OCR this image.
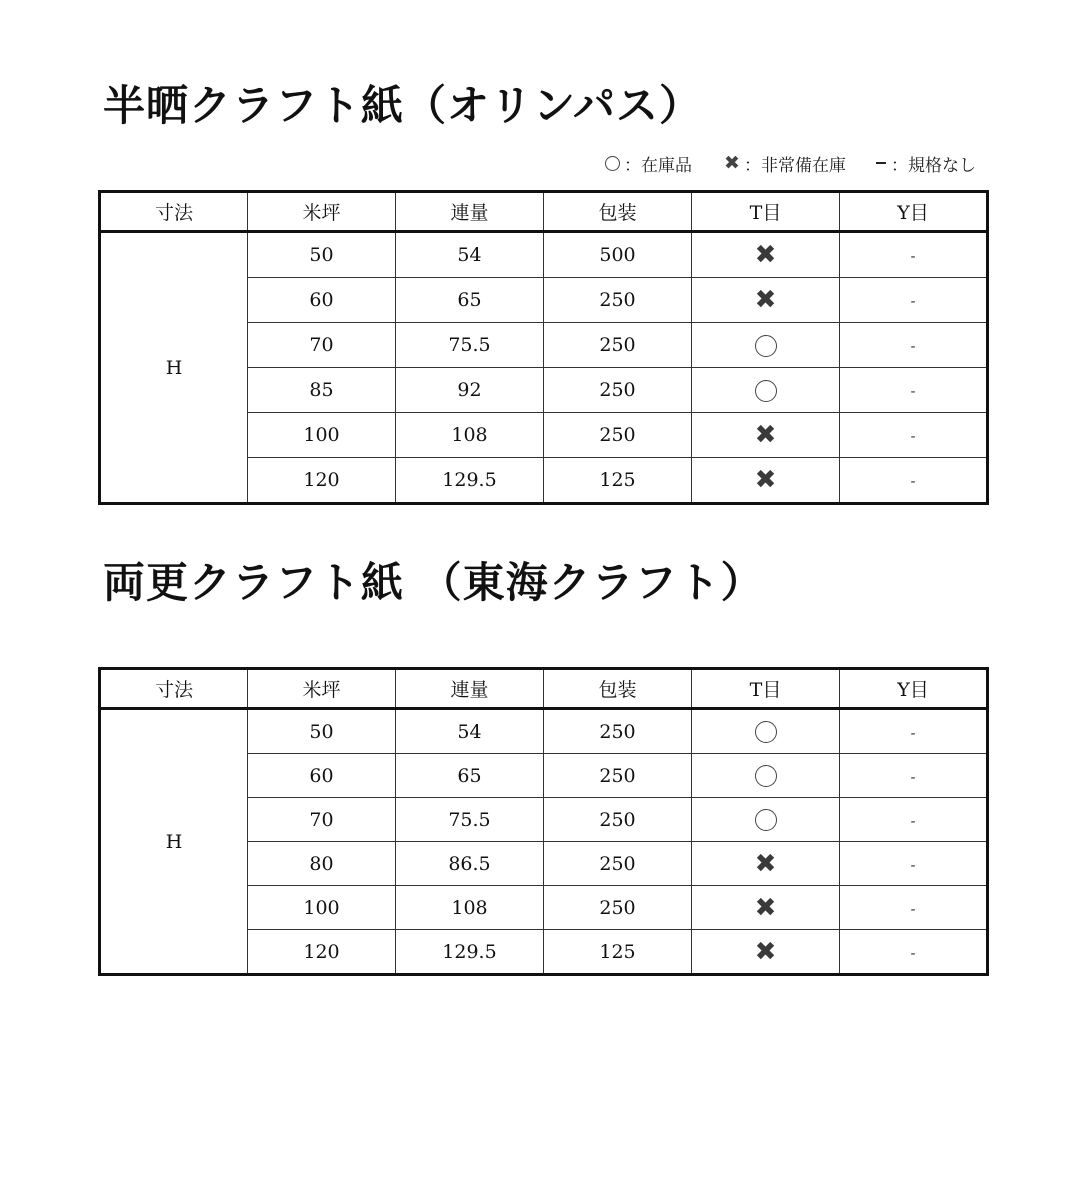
半晒クラフト紙（オリンパス）
：在庫品 ✖ ：非常備在庫	：規格なし
寸法	米坪	連量	包装	T目	Y目
H	50	54	500	✖	-
	60	65	250	✖	-
	70	75.5	250		-
	85	92	250		-
	100	108	250	✖	-
	120	129.5	125	✖	-
両更クラフト紙 （東海クラフト）
寸法	米坪	連量	包装	T目	Y目
H	50	54	250		-
	60	65	250		-
	70	75.5	250		-
	80	86.5	250	✖	-
	100	108	250	✖	-
	120	129.5	125	✖	-
